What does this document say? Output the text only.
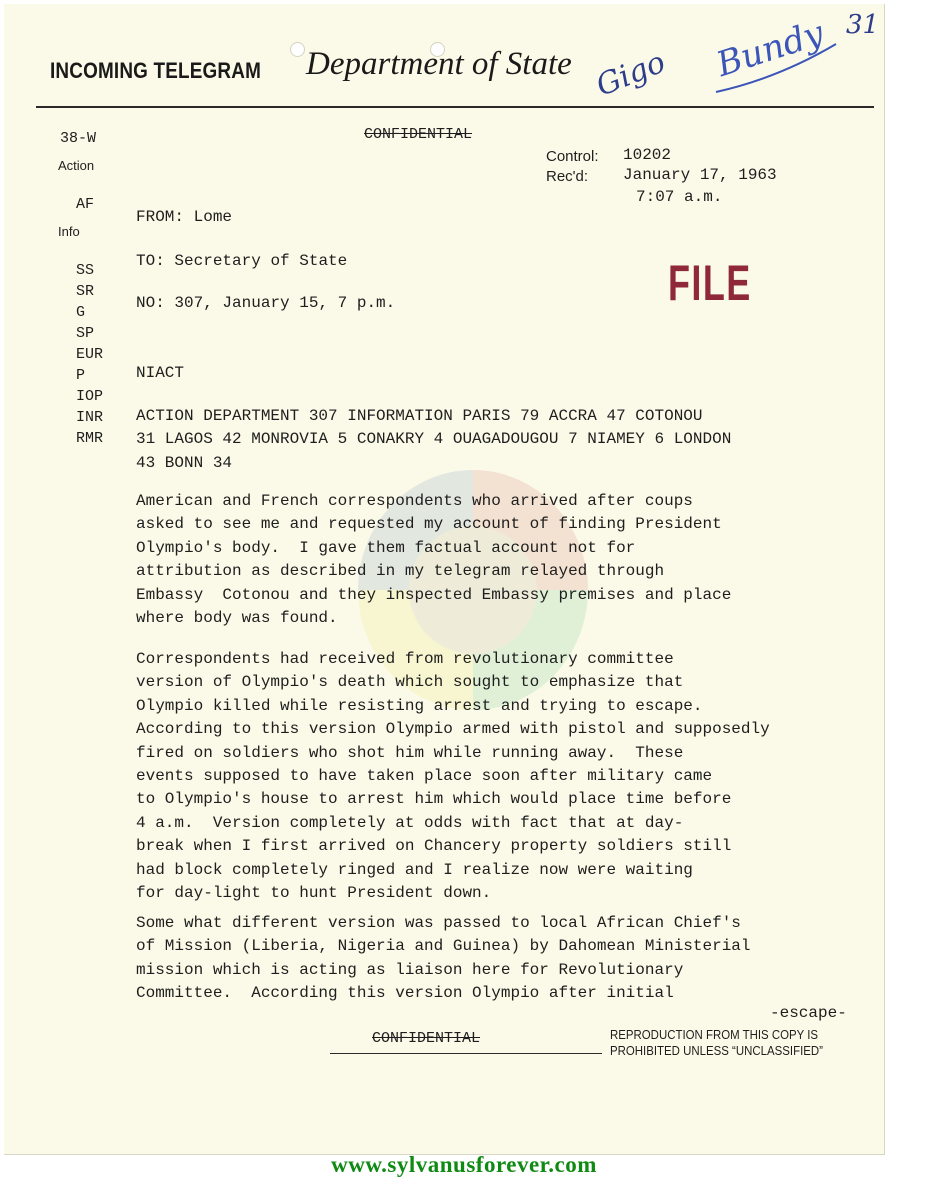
INCOMING TELEGRAM Department of State
31
Gigo Bundy
CONFIDENTIAL
38-W
Action
AF
Info
SS
SR
G
SP
EUR
P
IOP
INR
RMR
Control: 10202
Rec'd: January 17, 1963
7:07 a.m.
FROM: Lome
TO: Secretary of State
NO: 307, January 15, 7 p.m.	FILE
NIACT
ACTION DEPARTMENT 307 INFORMATION PARIS 79 ACCRA 47 COTONOU
31 LAGOS 42 MONROVIA 5 CONAKRY 4 OUAGADOUGOU 7 NIAMEY 6 LONDON
43 BONN 34
American and French correspondents who arrived after coups
asked to see me and requested my account of finding President
Olympio's body.  I gave them factual account not for
attribution as described in my telegram relayed through
Embassy  Cotonou and they inspected Embassy premises and place
where body was found.
Correspondents had received from revolutionary committee
version of Olympio's death which sought to emphasize that
Olympio killed while resisting arrest and trying to escape.
According to this version Olympio armed with pistol and supposedly
fired on soldiers who shot him while running away.  These
events supposed to have taken place soon after military came
to Olympio's house to arrest him which would place time before
4 a.m.  Version completely at odds with fact that at day-
break when I first arrived on Chancery property soldiers still
had block completely ringed and I realize now were waiting
for day-light to hunt President down.
Some what different version was passed to local African Chief's
of Mission (Liberia, Nigeria and Guinea) by Dahomean Ministerial
mission which is acting as liaison here for Revolutionary
Committee.  According this version Olympio after initial
-escape-
CONFIDENTIAL	REPRODUCTION FROM THIS COPY IS
PROHIBITED UNLESS “UNCLASSIFIED”
www.sylvanusforever.com
